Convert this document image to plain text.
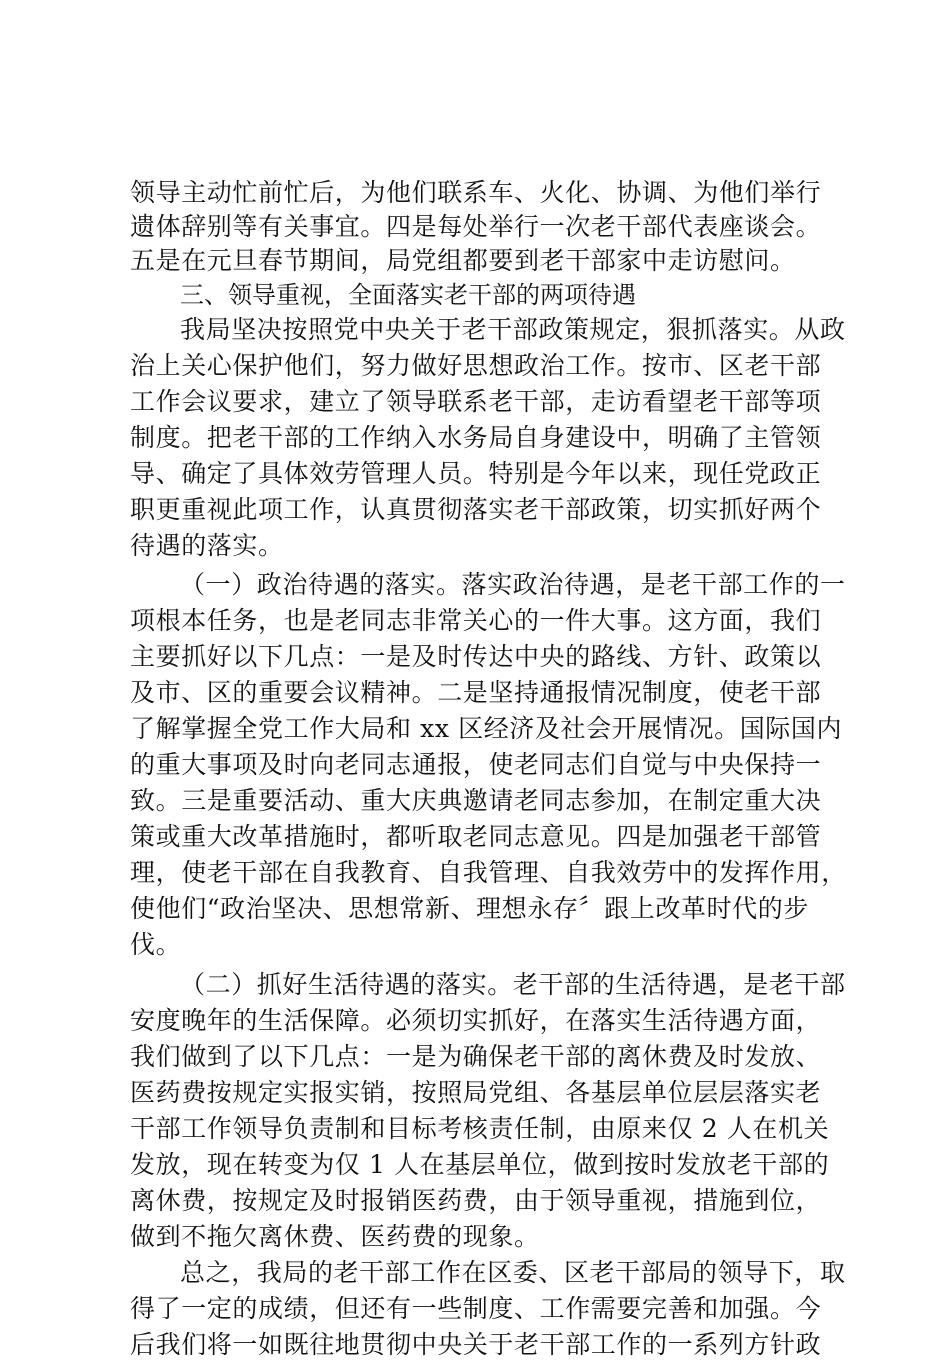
领导主动忙前忙后，为他们联系车、火化、协调、为他们举行
遗体辞别等有关事宜。四是每处举行一次老干部代表座谈会。
五是在元旦春节期间，局党组都要到老干部家中走访慰问。
三、领导重视，全面落实老干部的两项待遇
我局坚决按照党中央关于老干部政策规定，狠抓落实。从政
治上关心保护他们，努力做好思想政治工作。按市、区老干部
工作会议要求，建立了领导联系老干部，走访看望老干部等项
制度。把老干部的工作纳入水务局自身建设中，明确了主管领
导、确定了具体效劳管理人员。特别是今年以来，现任党政正
职更重视此项工作，认真贯彻落实老干部政策，切实抓好两个
待遇的落实。
（一）政治待遇的落实。落实政治待遇，是老干部工作的一
项根本任务，也是老同志非常关心的一件大事。这方面，我们
主要抓好以下几点：一是及时传达中央的路线、方针、政策以
及市、区的重要会议精神。二是坚持通报情况制度，使老干部
了解掌握全党工作大局和 xx 区经济及社会开展情况。国际国内
的重大事项及时向老同志通报，使老同志们自觉与中央保持一
致。三是重要活动、重大庆典邀请老同志参加，在制定重大决
策或重大改革措施时，都听取老同志意见。四是加强老干部管
理，使老干部在自我教育、自我管理、自我效劳中的发挥作用，
使他们“政治坚决、思想常新、理想永存〞跟上改革时代的步
伐。
（二）抓好生活待遇的落实。老干部的生活待遇，是老干部
安度晚年的生活保障。必须切实抓好，在落实生活待遇方面，
我们做到了以下几点：一是为确保老干部的离休费及时发放、
医药费按规定实报实销，按照局党组、各基层单位层层落实老
干部工作领导负责制和目标考核责任制，由原来仅 2 人在机关
发放，现在转变为仅 1 人在基层单位，做到按时发放老干部的
离休费，按规定及时报销医药费，由于领导重视，措施到位，
做到不拖欠离休费、医药费的现象。
总之，我局的老干部工作在区委、区老干部局的领导下，取
得了一定的成绩，但还有一些制度、工作需要完善和加强。今
后我们将一如既往地贯彻中央关于老干部工作的一系列方针政
